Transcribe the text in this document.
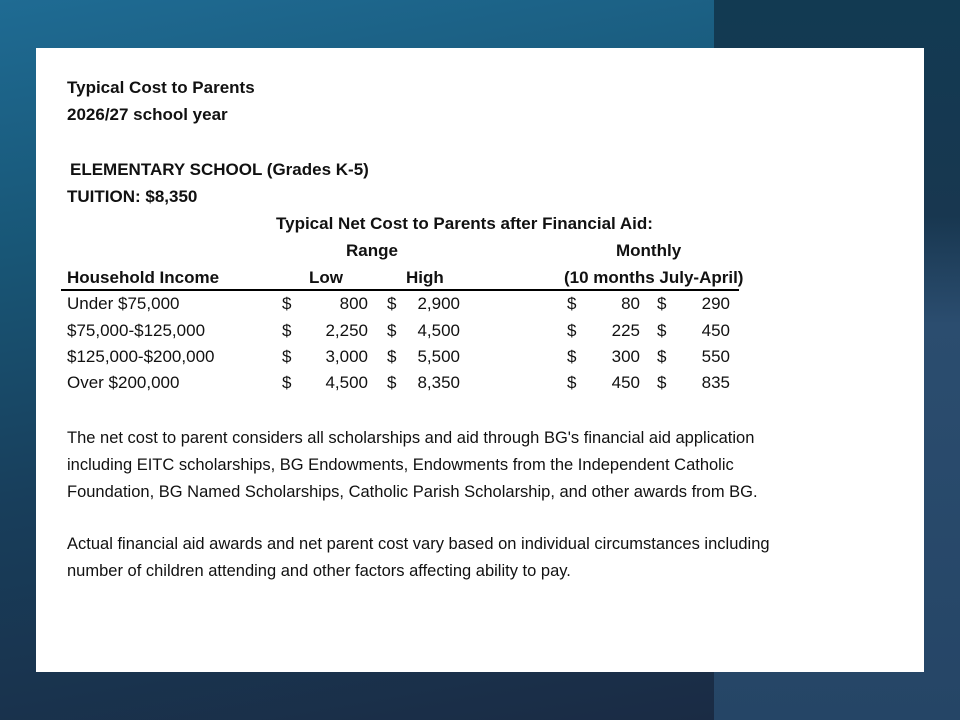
Typical Cost to Parents
2026/27 school year
ELEMENTARY SCHOOL (Grades K-5)
TUITION: $8,350
Typical Net Cost to Parents after Financial Aid:
Range	Monthly
Household Income	Low	High	(10 months July-April)
Under $75,000	$	800 $	2,900	$	80 $	290
$75,000-$125,000	$	2,250 $	4,500	$	225 $	450
$125,000-$200,000	$	3,000 $	5,500	$	300 $	550
Over $200,000	$	4,500 $	8,350	$	450 $	835
The net cost to parent considers all scholarships and aid through BG's financial aid application
including EITC scholarships, BG Endowments, Endowments from the Independent Catholic
Foundation, BG Named Scholarships, Catholic Parish Scholarship, and other awards from BG.
Actual financial aid awards and net parent cost vary based on individual circumstances including
number of children attending and other factors affecting ability to pay.
